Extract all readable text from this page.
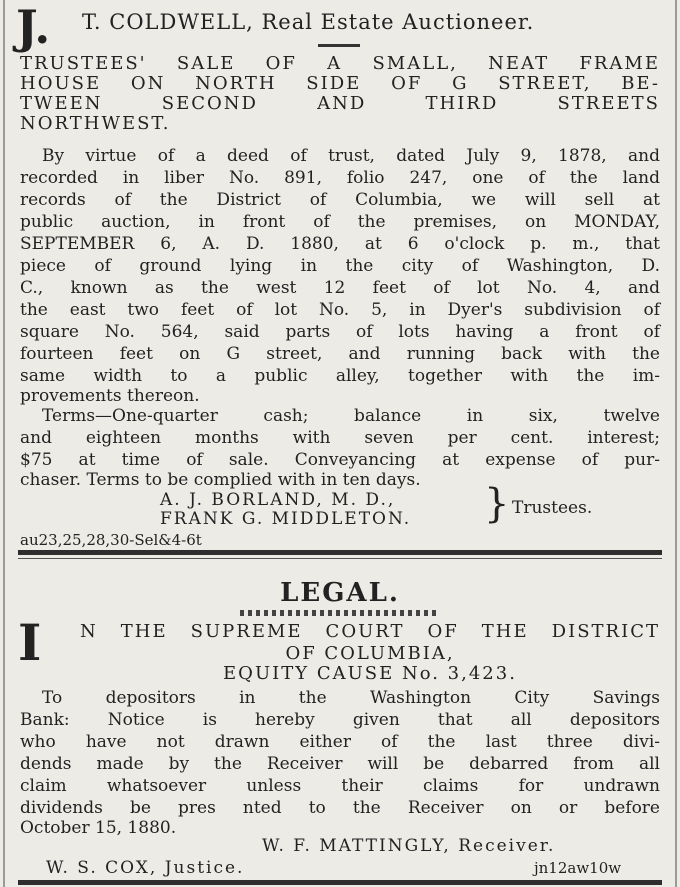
J. T. COLDWELL, Real Estate Auctioneer.
TRUSTEES' SALE OF A SMALL, NEAT FRAME
HOUSE ON NORTH SIDE OF G STREET, BE-
TWEEN SECOND AND THIRD STREETS
NORTHWEST.
By virtue of a deed of trust, dated July 9, 1878, and
recorded in liber No. 891, folio 247, one of the land
records of the District of Columbia, we will sell at
public auction, in front of the premises, on MONDAY,
SEPTEMBER 6, A. D. 1880, at 6 o'clock p. m., that
piece of ground lying in the city of Washington, D.
C., known as the west 12 feet of lot No. 4, and
the east two feet of lot No. 5, in Dyer's subdivision of
square No. 564, said parts of lots having a front of
fourteen feet on G street, and running back with the
same width to a public alley, together with the im-
provements thereon.
Terms—One-quarter cash; balance in six, twelve
and eighteen months with seven per cent. interest;
$75 at time of sale. Conveyancing at expense of pur-
chaser. Terms to be complied with in ten days.
A. J. BORLAND, M. D.,
FRANK G. MIDDLETON.	} Trustees.
au23,25,28,30-Sel&4-6t
LEGAL.
I N THE SUPREME COURT OF THE DISTRICT
OF COLUMBIA,
EQUITY CAUSE No. 3,423.
To depositors in the Washington City Savings
Bank: Notice is hereby given that all depositors
who have not drawn either of the last three divi-
dends made by the Receiver will be debarred from all
claim whatsoever unless their claims for undrawn
dividends be pres nted to the Receiver on or before
October 15, 1880.
W. F. MATTINGLY, Receiver.
W. S. COX, Justice.	jn12aw10w
